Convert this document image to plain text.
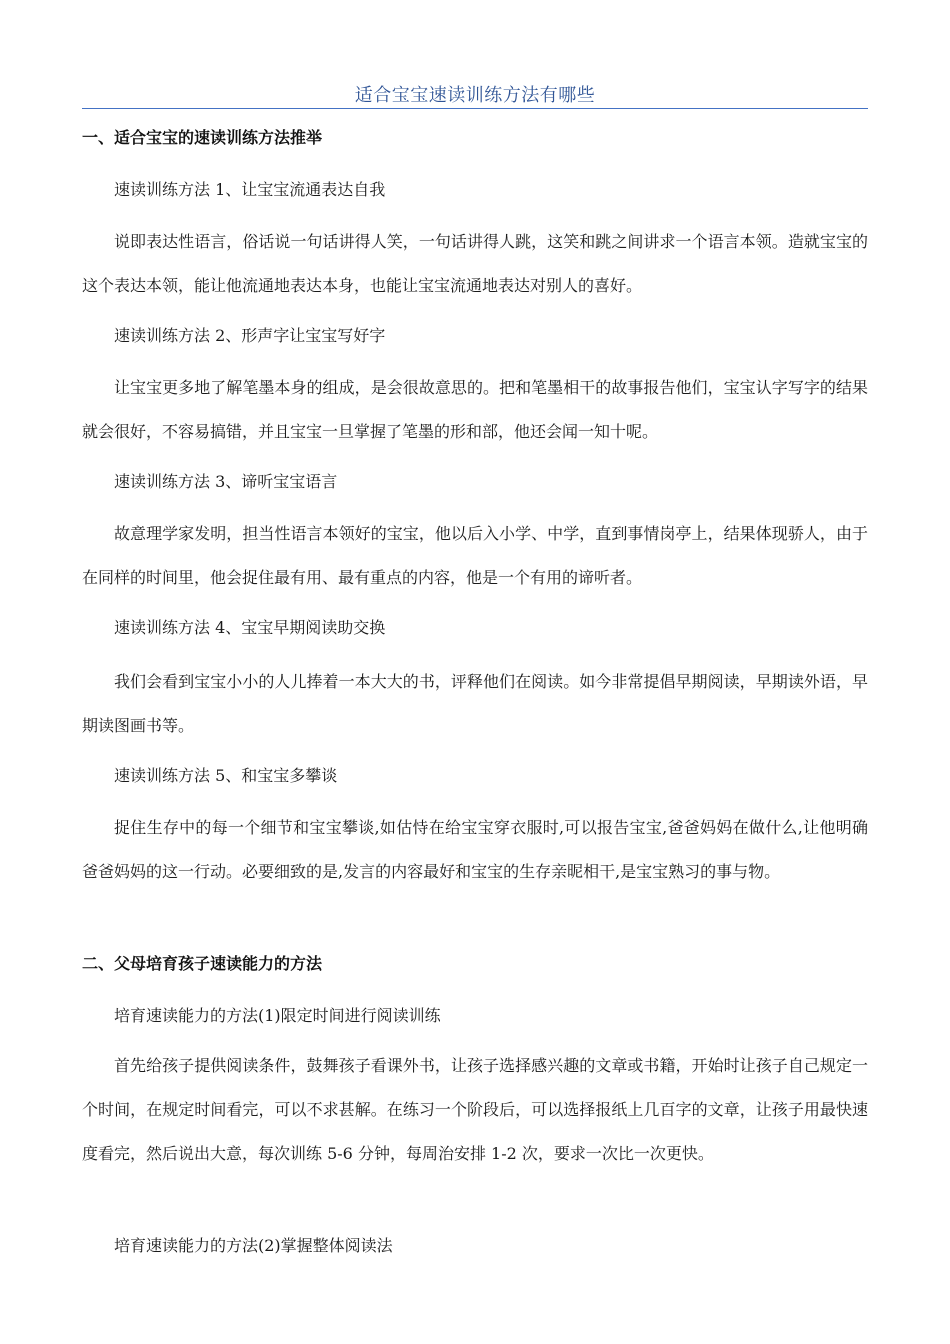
适合宝宝速读训练方法有哪些
一、适合宝宝的速读训练方法推举
速读训练方法 1、让宝宝流通表达自我
说即表达性语言，俗话说一句话讲得人笑，一句话讲得人跳，这笑和跳之间讲求一个语言本领。造就宝宝的这个表达本领，能让他流通地表达本身，也能让宝宝流通地表达对别人的喜好。
速读训练方法 2、形声字让宝宝写好字
让宝宝更多地了解笔墨本身的组成，是会很故意思的。把和笔墨相干的故事报告他们，宝宝认字写字的结果就会很好，不容易搞错，并且宝宝一旦掌握了笔墨的形和部，他还会闻一知十呢。
速读训练方法 3、谛听宝宝语言
故意理学家发明，担当性语言本领好的宝宝，他以后入小学、中学，直到事情岗亭上，结果体现骄人，由于在同样的时间里，他会捉住最有用、最有重点的内容，他是一个有用的谛听者。
速读训练方法 4、宝宝早期阅读助交换
我们会看到宝宝小小的人儿捧着一本大大的书，评释他们在阅读。如今非常提倡早期阅读，早期读外语，早期读图画书等。
速读训练方法 5、和宝宝多攀谈
捉住生存中的每一个细节和宝宝攀谈,如估恃在给宝宝穿衣服时,可以报告宝宝,爸爸妈妈在做什么,让他明确爸爸妈妈的这一行动。必要细致的是,发言的内容最好和宝宝的生存亲昵相干,是宝宝熟习的事与物。
二、父母培育孩子速读能力的方法
培育速读能力的方法(1)限定时间进行阅读训练
首先给孩子提供阅读条件，鼓舞孩子看课外书，让孩子选择感兴趣的文章或书籍，开始时让孩子自己规定一个时间，在规定时间看完，可以不求甚解。在练习一个阶段后，可以选择报纸上几百字的文章，让孩子用最快速度看完，然后说出大意，每次训练 5-6 分钟，每周治安排 1-2 次，要求一次比一次更快。
培育速读能力的方法(2)掌握整体阅读法
